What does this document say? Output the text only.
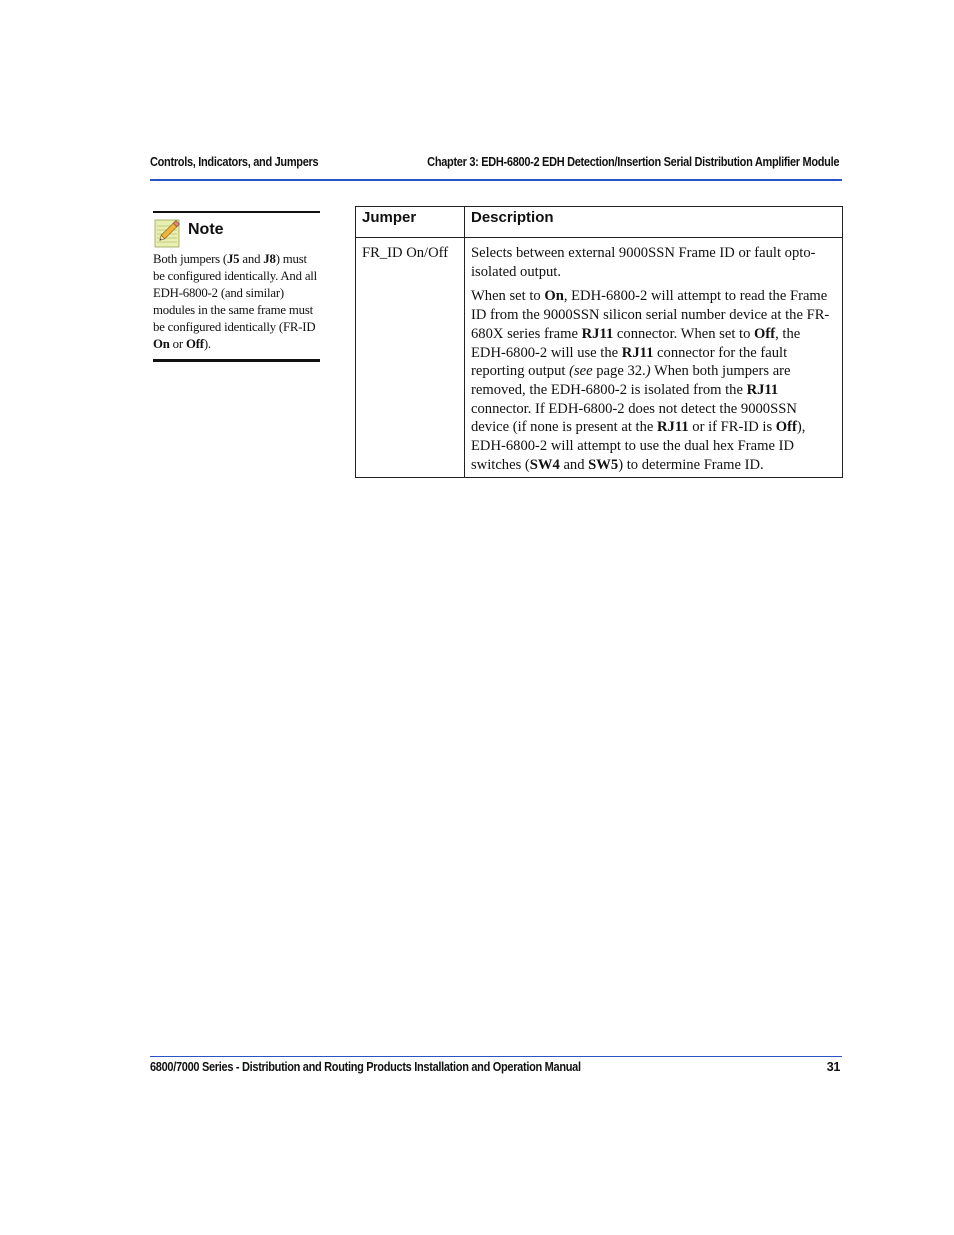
Controls, Indicators, and Jumpers	Chapter 3: EDH-6800-2 EDH Detection/Insertion Serial Distribution Amplifier Module
Note
Both jumpers (J5 and J8) must be configured identically. And all EDH-6800-2 (and similar) modules in the same frame must be configured identically (FR-ID On or Off).
Jumper	Description
FR_ID On/Off	Selects between external 9000SSN Frame ID or fault opto-isolated output.

When set to On, EDH-6800-2 will attempt to read the Frame ID from the 9000SSN silicon serial number device at the FR-680X series frame RJ11 connector. When set to Off, the EDH-6800-2 will use the RJ11 connector for the fault reporting output (see page 32.) When both jumpers are removed, the EDH-6800-2 is isolated from the RJ11 connector. If EDH-6800-2 does not detect the 9000SSN device (if none is present at the RJ11 or if FR-ID is Off), EDH-6800-2 will attempt to use the dual hex Frame ID switches (SW4 and SW5) to determine Frame ID.

6800/7000 Series - Distribution and Routing Products Installation and Operation Manual	31
